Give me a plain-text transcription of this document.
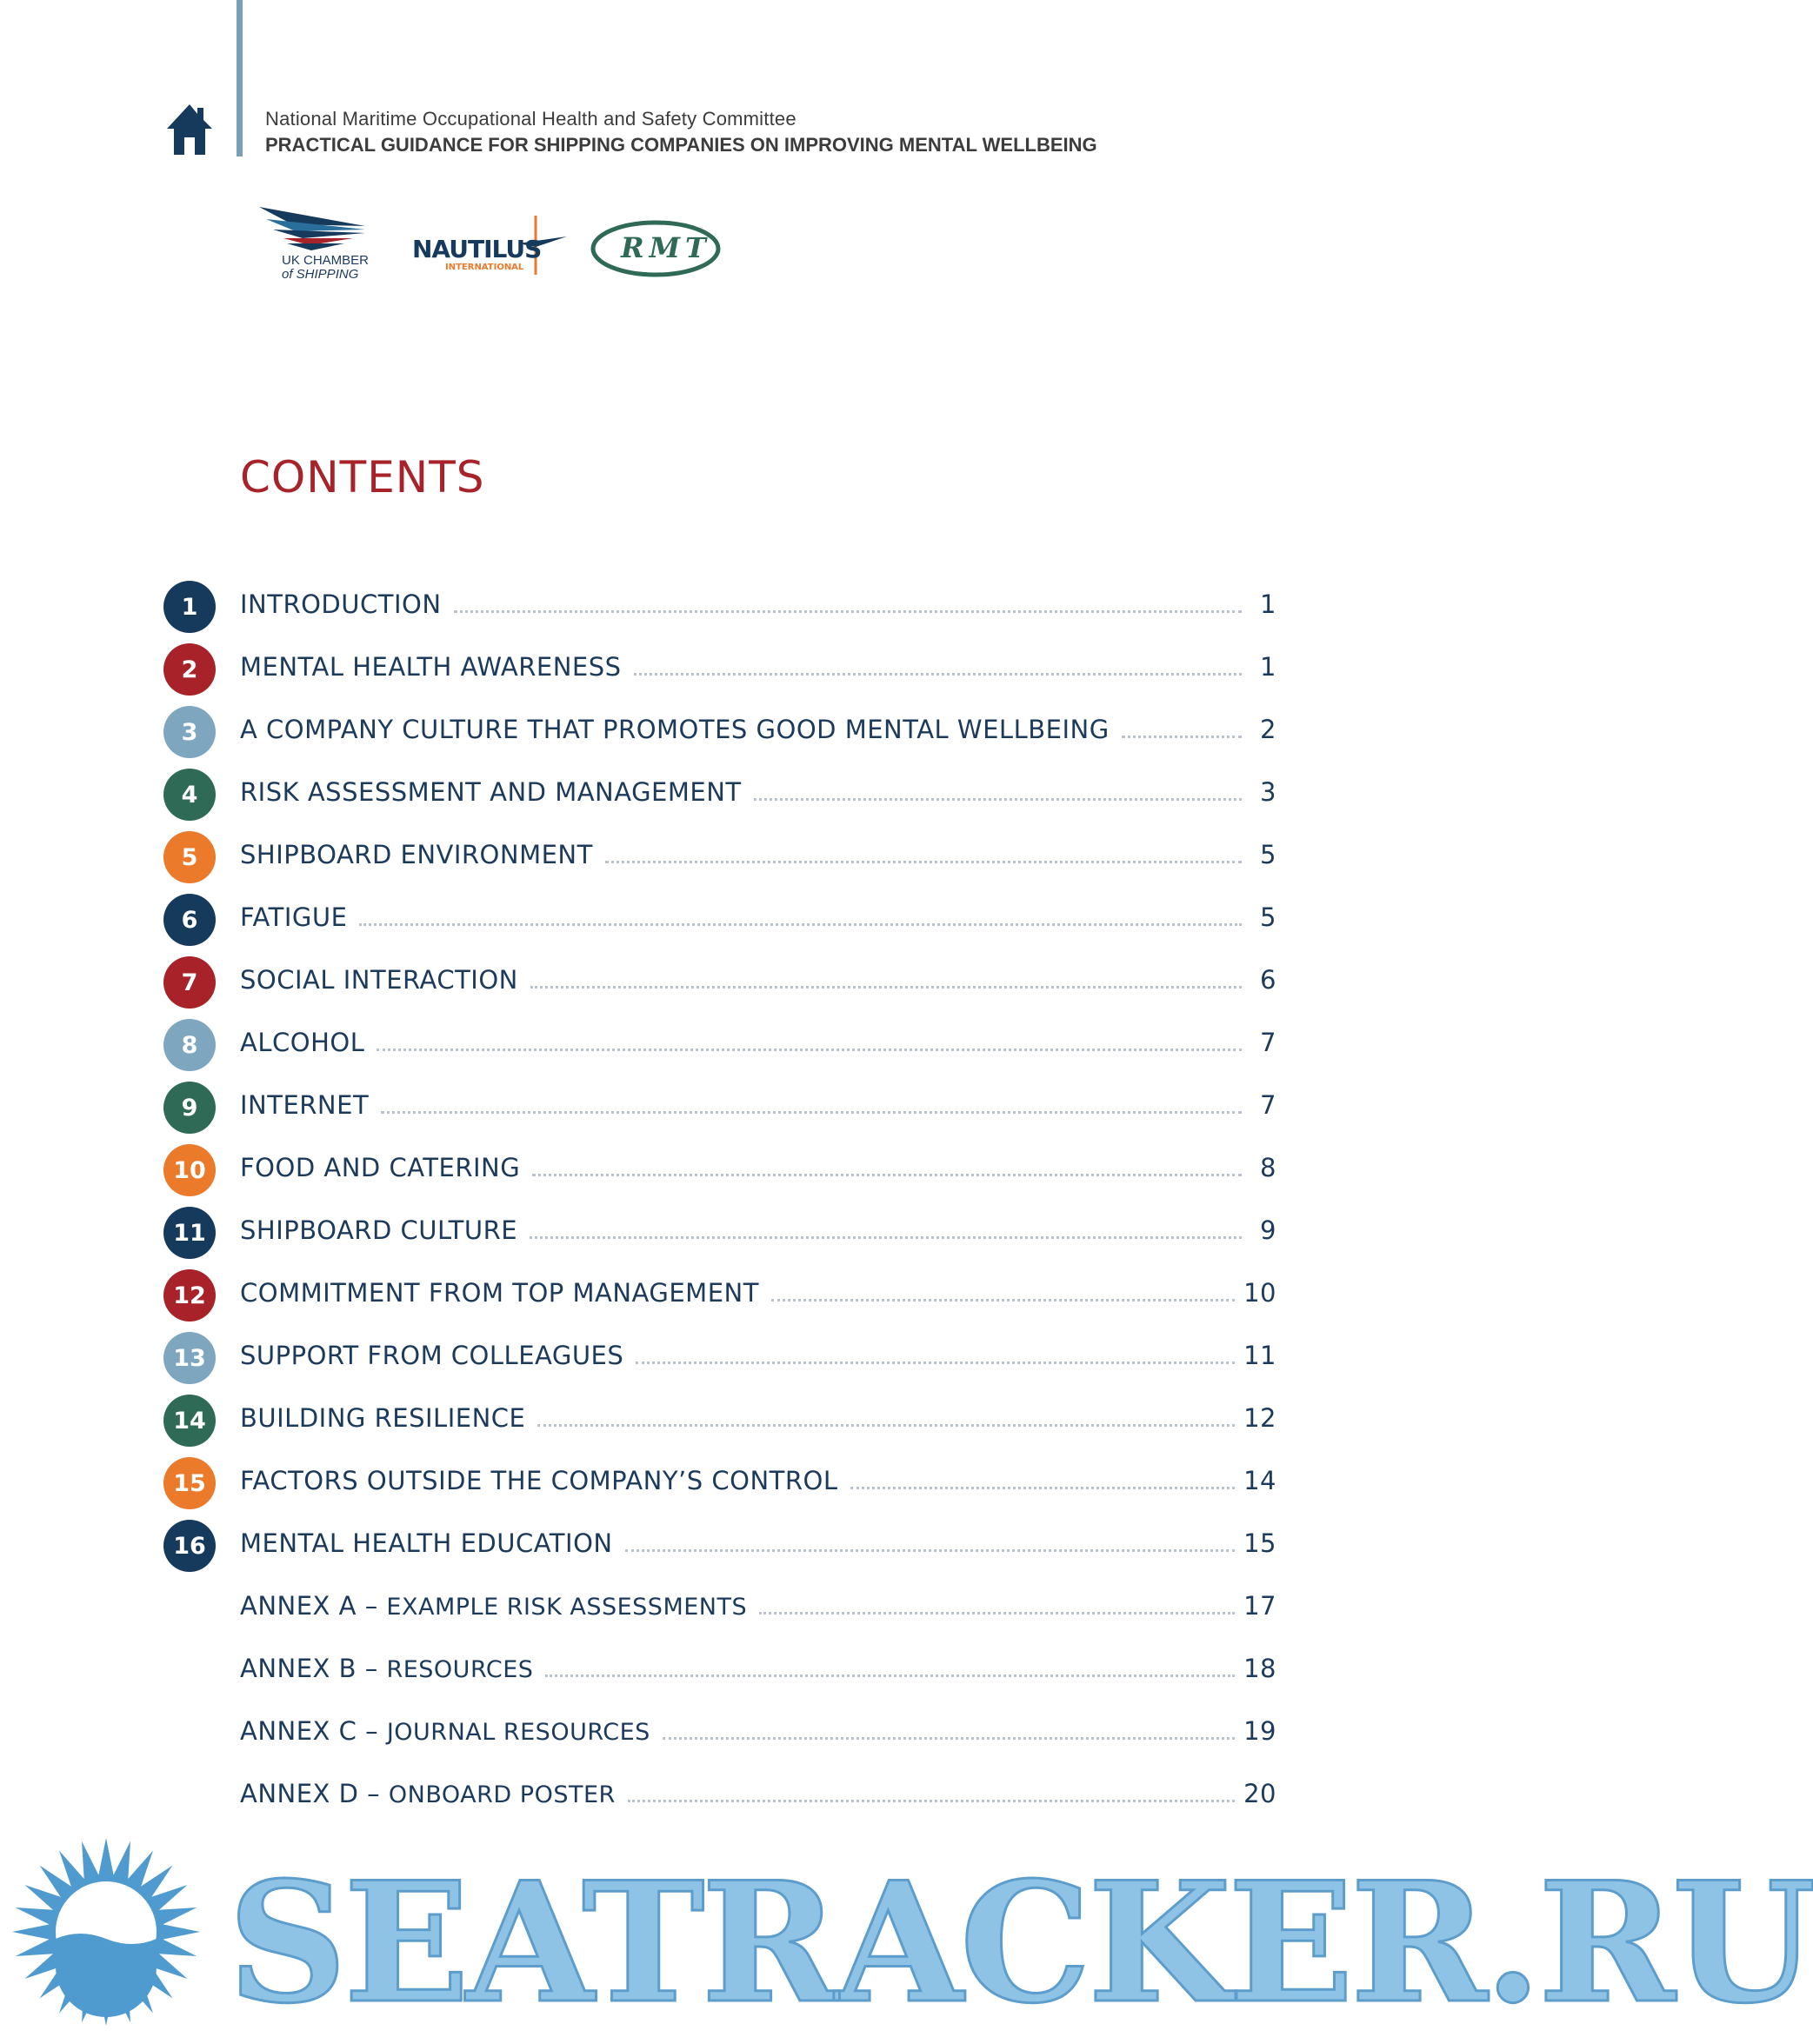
National Maritime Occupational Health and Safety Committee
PRACTICAL GUIDANCE FOR SHIPPING COMPANIES ON IMPROVING MENTAL WELLBEING
UK CHAMBER
of SHIPPING
NAUTILUS
INTERNATIONAL
RMT
CONTENTS
1	INTRODUCTION	1
2	MENTAL HEALTH AWARENESS	1
3	A COMPANY CULTURE THAT PROMOTES GOOD MENTAL WELLBEING	2
4	RISK ASSESSMENT AND MANAGEMENT	3
5	SHIPBOARD ENVIRONMENT	5
6	FATIGUE	5
7	SOCIAL INTERACTION	6
8	ALCOHOL	7
9	INTERNET	7
10	FOOD AND CATERING	8
11	SHIPBOARD CULTURE	9
12	COMMITMENT FROM TOP MANAGEMENT	10
13	SUPPORT FROM COLLEAGUES	11
14	BUILDING RESILIENCE	12
15	FACTORS OUTSIDE THE COMPANY’S CONTROL	14
16	MENTAL HEALTH EDUCATION	15
ANNEX A – EXAMPLE RISK ASSESSMENTS	17
ANNEX B – RESOURCES	18
ANNEX C – JOURNAL RESOURCES	19
ANNEX D – ONBOARD POSTER	20
SEATRACKER.RU
